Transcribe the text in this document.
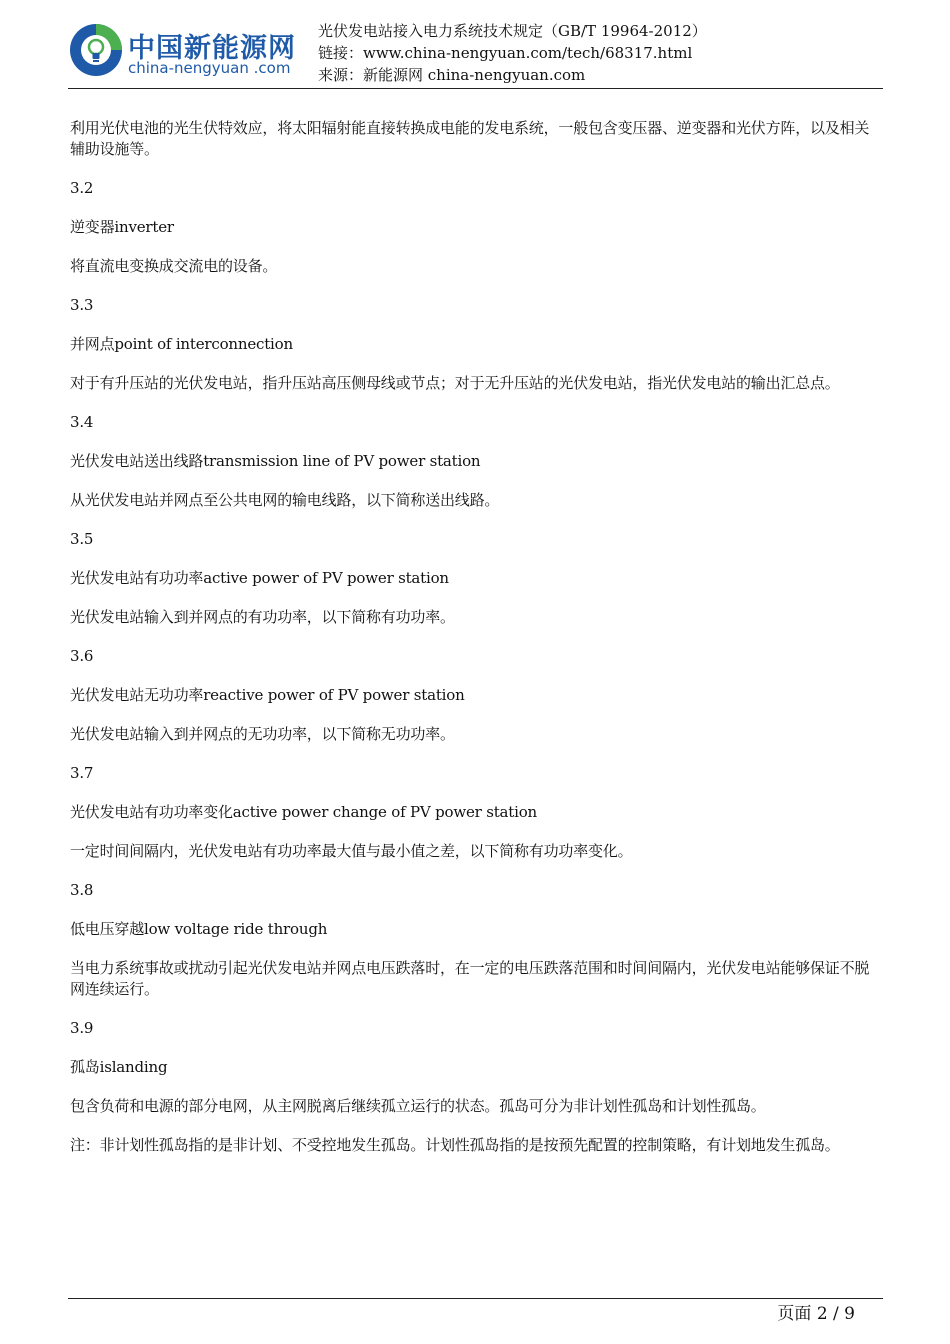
中国新能源网
china-nengyuan .com
光伏发电站接入电力系统技术规定（GB/T 19964-2012）
链接：www.china-nengyuan.com/tech/68317.html
来源：新能源网 china-nengyuan.com

利用光伏电池的光生伏特效应，将太阳辐射能直接转换成电能的发电系统，一般包含变压器、逆变器和光伏方阵，以及相关辅助设施等。

3.2

逆变器inverter

将直流电变换成交流电的设备。

3.3

并网点point of interconnection

对于有升压站的光伏发电站，指升压站高压侧母线或节点；对于无升压站的光伏发电站，指光伏发电站的输出汇总点。

3.4

光伏发电站送出线路transmission line of PV power station

从光伏发电站并网点至公共电网的输电线路，以下简称送出线路。

3.5

光伏发电站有功功率active power of PV power station

光伏发电站输入到并网点的有功功率，以下简称有功功率。

3.6

光伏发电站无功功率reactive power of PV power station

光伏发电站输入到并网点的无功功率，以下简称无功功率。

3.7

光伏发电站有功功率变化active power change of PV power station

一定时间间隔内，光伏发电站有功功率最大值与最小值之差，以下简称有功功率变化。

3.8

低电压穿越low voltage ride through

当电力系统事故或扰动引起光伏发电站并网点电压跌落时，在一定的电压跌落范围和时间间隔内，光伏发电站能够保证不脱网连续运行。

3.9

孤岛islanding

包含负荷和电源的部分电网，从主网脱离后继续孤立运行的状态。孤岛可分为非计划性孤岛和计划性孤岛。

注：非计划性孤岛指的是非计划、不受控地发生孤岛。计划性孤岛指的是按预先配置的控制策略，有计划地发生孤岛。

页面 2 / 9
